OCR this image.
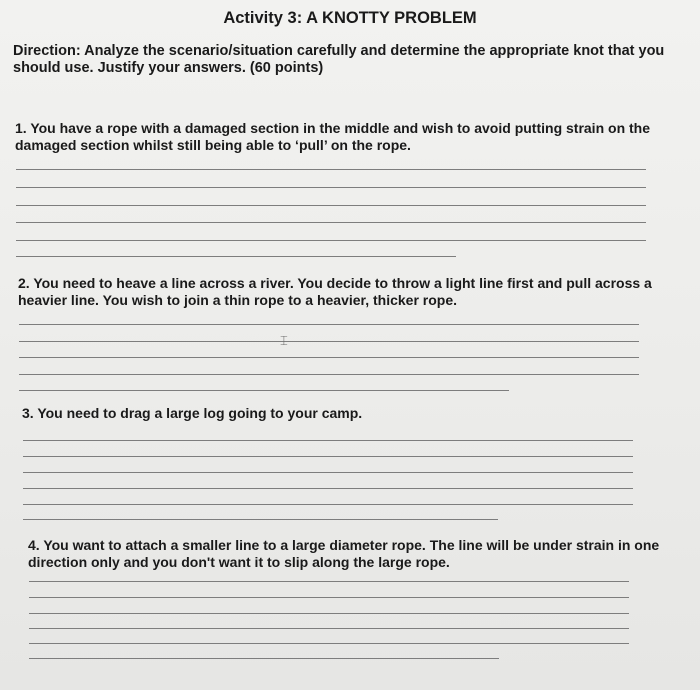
Activity 3: A KNOTTY PROBLEM
Direction: Analyze the scenario/situation carefully and determine the appropriate knot that you should use. Justify your answers. (60 points)
1. You have a rope with a damaged section in the middle and wish to avoid putting strain on the damaged section whilst still being able to ‘pull’ on the rope.
2. You need to heave a line across a river. You decide to throw a light line first and pull across a heavier line. You wish to join a thin rope to a heavier, thicker rope.
⌶
3. You need to drag a large log going to your camp.
4. You want to attach a smaller line to a large diameter rope. The line will be under strain in one direction only and you don't want it to slip along the large rope.
